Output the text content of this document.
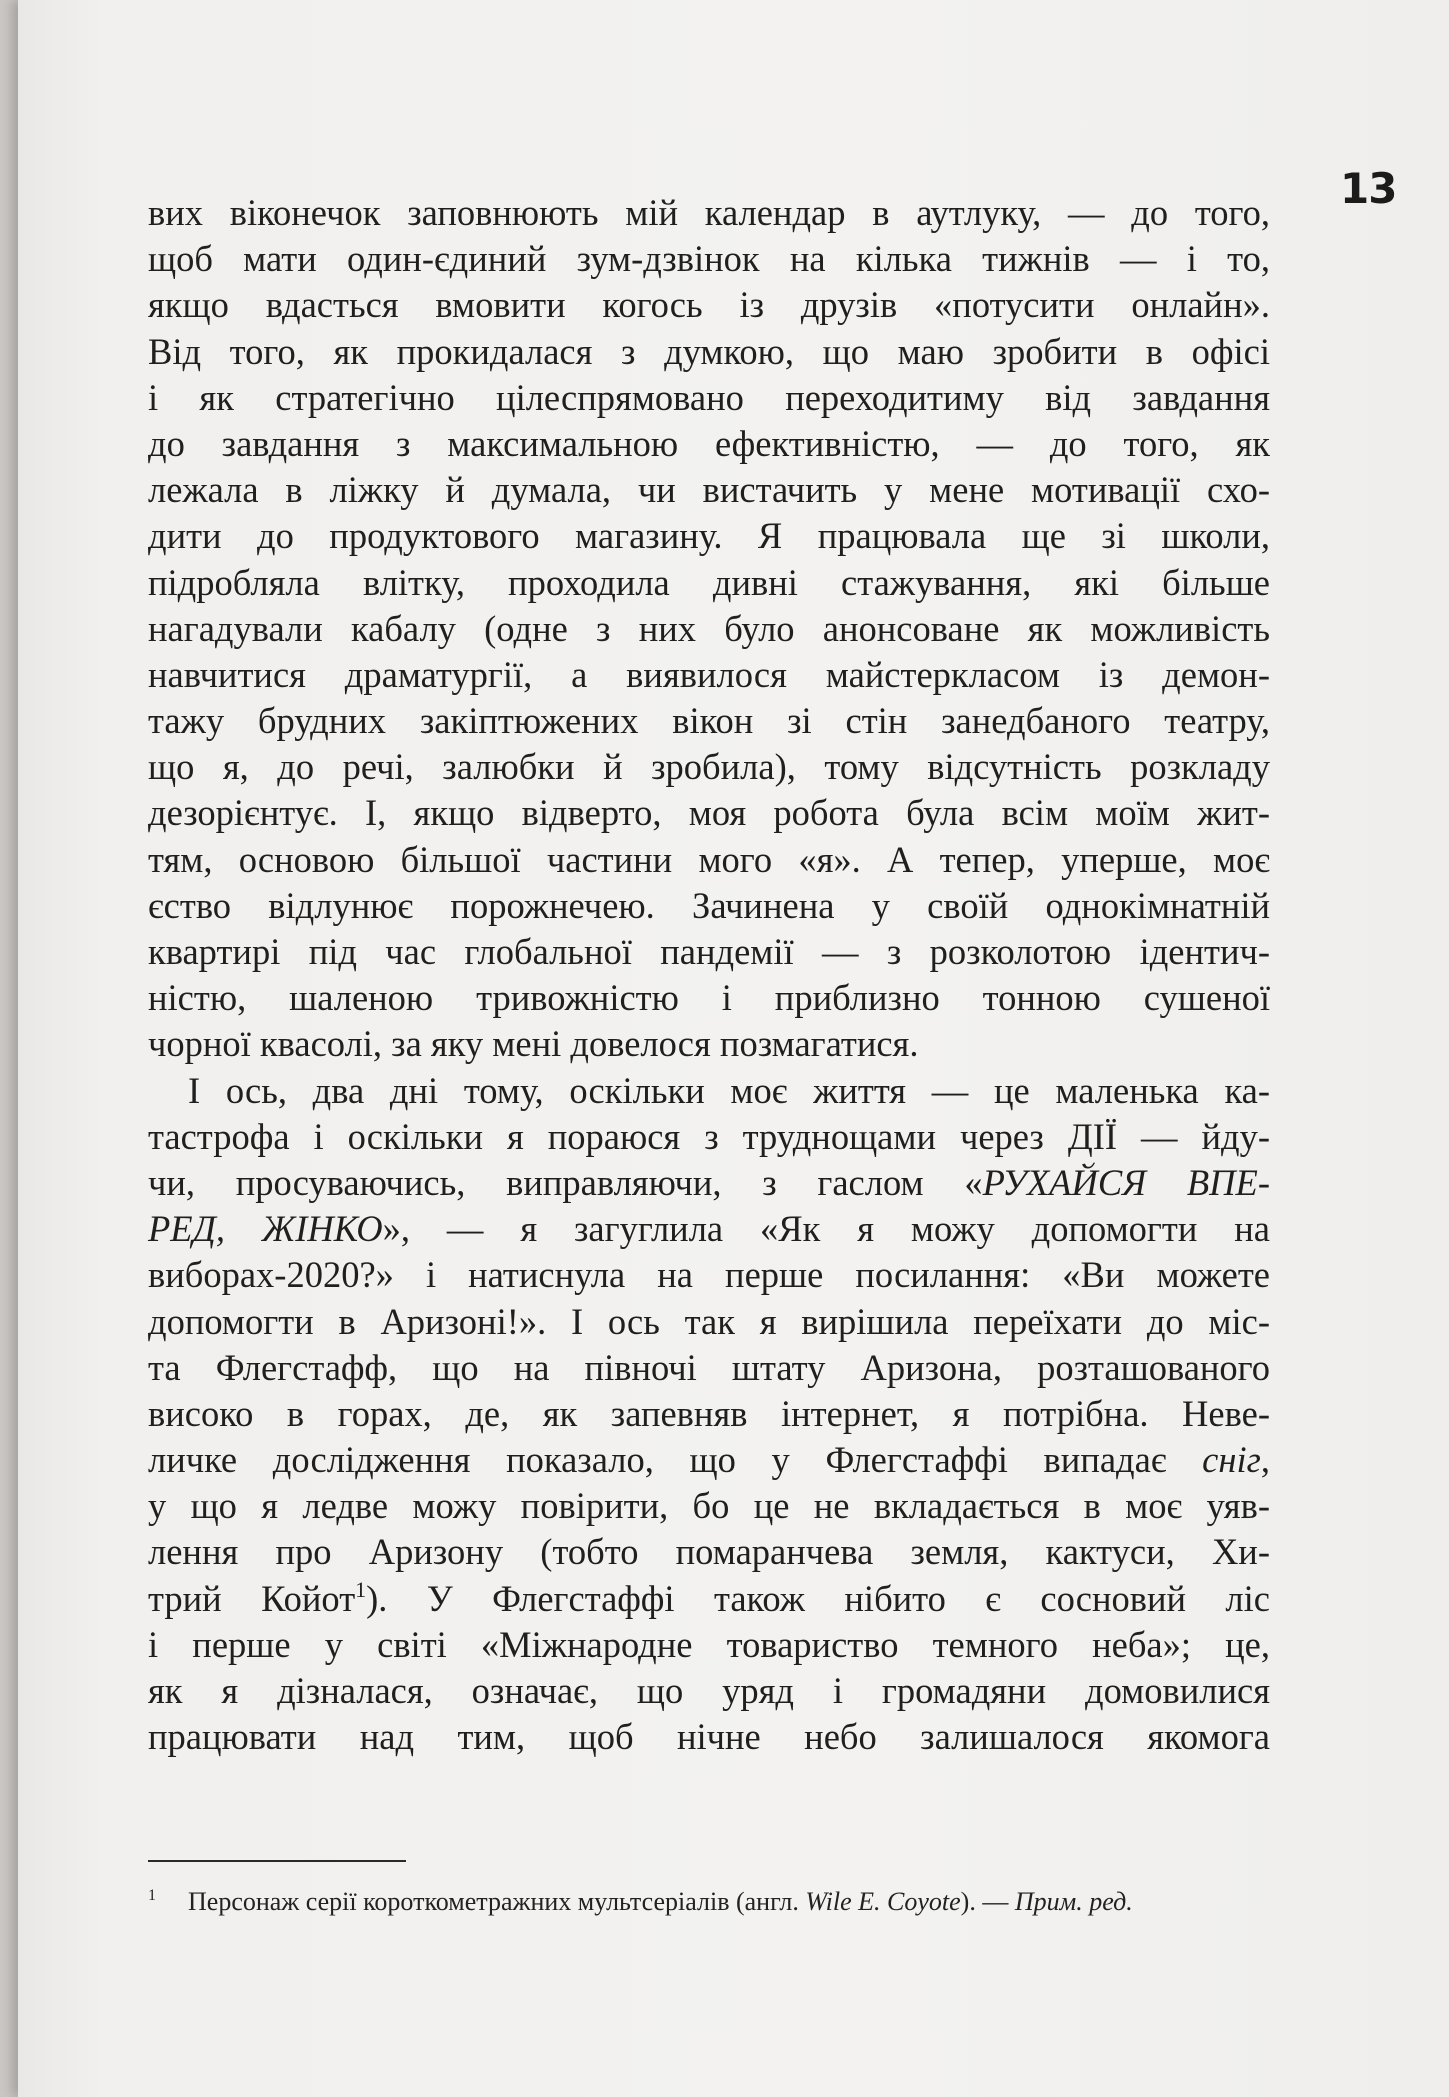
13
вих віконечок заповнюють мій календар в аутлуку, — до того,
щоб мати один-єдиний зум-дзвінок на кілька тижнів — і то,
якщо вдасться вмовити когось із друзів «потусити онлайн».
Від того, як прокидалася з думкою, що маю зробити в офісі
і як стратегічно цілеспрямовано переходитиму від завдання
до завдання з максимальною ефективністю, — до того, як
лежала в ліжку й думала, чи вистачить у мене мотивації схо-
дити до продуктового магазину. Я працювала ще зі школи,
підробляла влітку, проходила дивні стажування, які більше
нагадували кабалу (одне з них було анонсоване як можливість
навчитися драматургії, а виявилося майстеркласом із демон-
тажу брудних закіптюжених вікон зі стін занедбаного театру,
що я, до речі, залюбки й зробила), тому відсутність розкладу
дезорієнтує. І, якщо відверто, моя робота була всім моїм жит-
тям, основою більшої частини мого «я». А тепер, уперше, моє
єство відлунює порожнечею. Зачинена у своїй однокімнатній
квартирі під час глобальної пандемії — з розколотою ідентич-
ністю, шаленою тривожністю і приблизно тонною сушеної
чорної квасолі, за яку мені довелося позмагатися.
І ось, два дні тому, оскільки моє життя — це маленька ка-
тастрофа і оскільки я пораюся з труднощами через ДІЇ — йду-
чи, просуваючись, виправляючи, з гаслом «РУХАЙСЯ ВПЕ-
РЕД, ЖІНКО», — я загуглила «Як я можу допомогти на
виборах-2020?» і натиснула на перше посилання: «Ви можете
допомогти в Аризоні!». І ось так я вирішила переїхати до міс-
та Флегстафф, що на півночі штату Аризона, розташованого
високо в горах, де, як запевняв інтернет, я потрібна. Неве-
личке дослідження показало, що у Флегстаффі випадає сніг,
у що я ледве можу повірити, бо це не вкладається в моє уяв-
лення про Аризону (тобто помаранчева земля, кактуси, Хи-
трий Койот$^1$). У Флегстаффі також нібито є сосновий ліс
і перше у світі «Міжнародне товариство темного неба»; це,
як я дізналася, означає, що уряд і громадяни домовилися
працювати над тим, щоб нічне небо залишалося якомога
1 Персонаж серії короткометражних мультсеріалів (англ. Wile E. Coyote). — Прим. ред.
